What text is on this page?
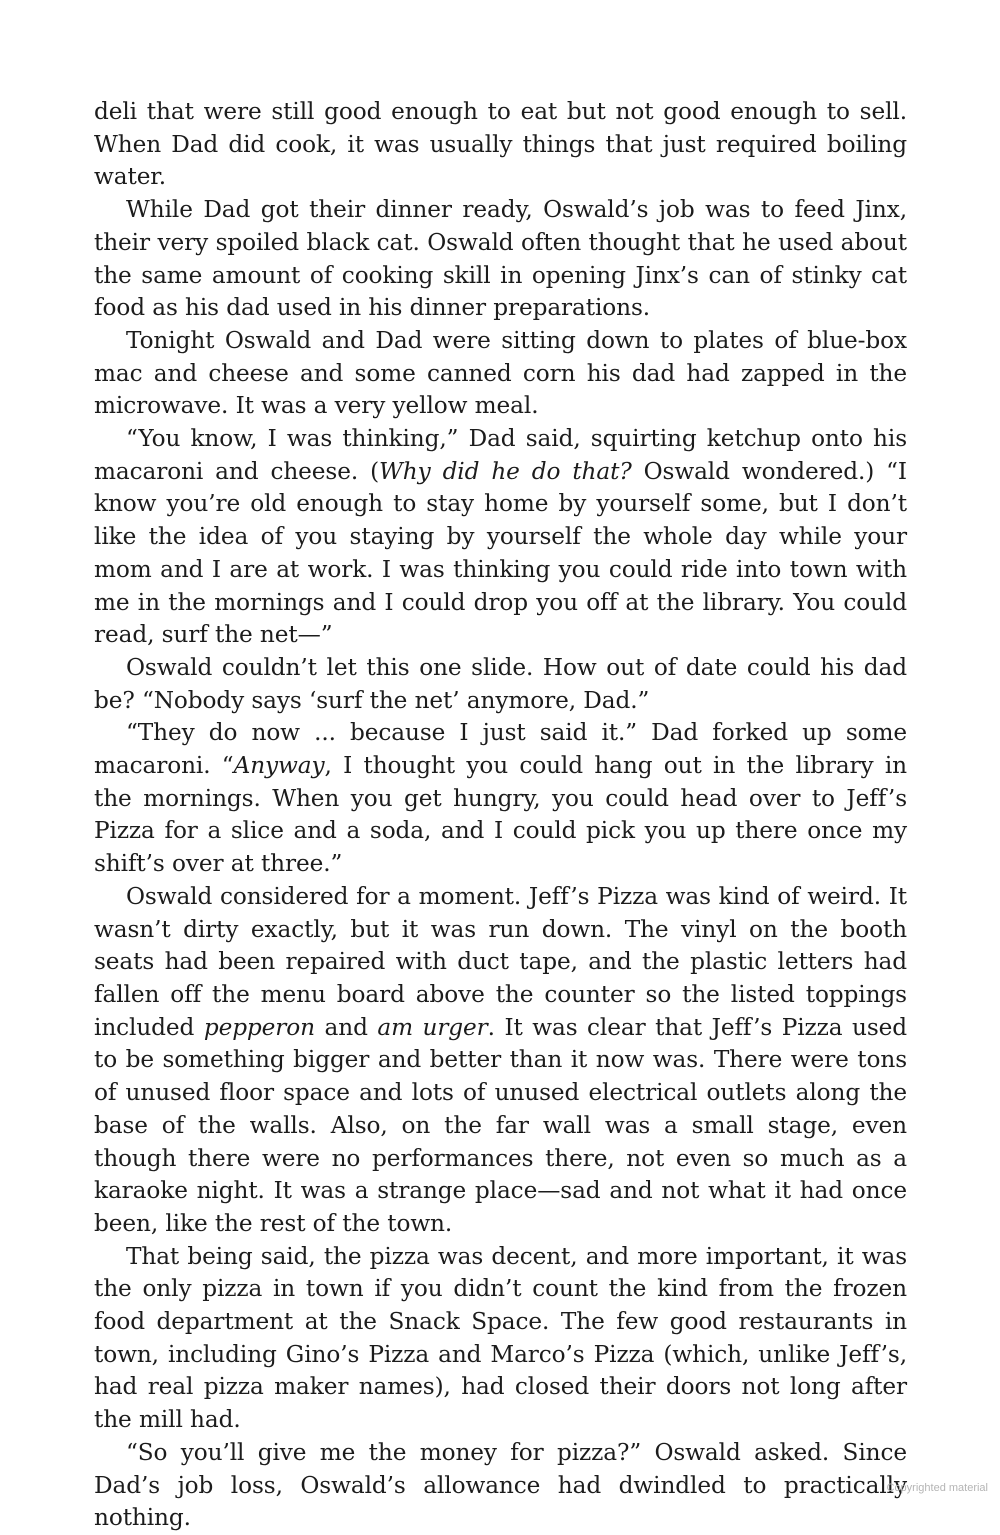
deli that were still good enough to eat but not good enough to sell. When Dad did cook, it was usually things that just required boiling water.

While Dad got their dinner ready, Oswald’s job was to feed Jinx, their very spoiled black cat. Oswald often thought that he used about the same amount of cooking skill in opening Jinx’s can of stinky cat food as his dad used in his dinner preparations.

Tonight Oswald and Dad were sitting down to plates of blue-box mac and cheese and some canned corn his dad had zapped in the microwave. It was a very yellow meal.

“You know, I was thinking,” Dad said, squirting ketchup onto his macaroni and cheese. (Why did he do that? Oswald wondered.) “I know you’re old enough to stay home by yourself some, but I don’t like the idea of you staying by yourself the whole day while your mom and I are at work. I was thinking you could ride into town with me in the mornings and I could drop you off at the library. You could read, surf the net—”

Oswald couldn’t let this one slide. How out of date could his dad be? “Nobody says ‘surf the net’ anymore, Dad.”

“They do now ... because I just said it.” Dad forked up some macaroni. “Anyway, I thought you could hang out in the library in the mornings. When you get hungry, you could head over to Jeff’s Pizza for a slice and a soda, and I could pick you up there once my shift’s over at three.”

Oswald considered for a moment. Jeff’s Pizza was kind of weird. It wasn’t dirty exactly, but it was run down. The vinyl on the booth seats had been repaired with duct tape, and the plastic letters had fallen off the menu board above the counter so the listed toppings included pepperon and am urger. It was clear that Jeff’s Pizza used to be something bigger and better than it now was. There were tons of unused floor space and lots of unused electrical outlets along the base of the walls. Also, on the far wall was a small stage, even though there were no performances there, not even so much as a karaoke night. It was a strange place—sad and not what it had once been, like the rest of the town.

That being said, the pizza was decent, and more important, it was the only pizza in town if you didn’t count the kind from the frozen food department at the Snack Space. The few good restaurants in town, including Gino’s Pizza and Marco’s Pizza (which, unlike Jeff’s, had real pizza maker names), had closed their doors not long after the mill had.

“So you’ll give me the money for pizza?” Oswald asked. Since Dad’s job loss, Oswald’s allowance had dwindled to practically nothing.

Copyrighted material
